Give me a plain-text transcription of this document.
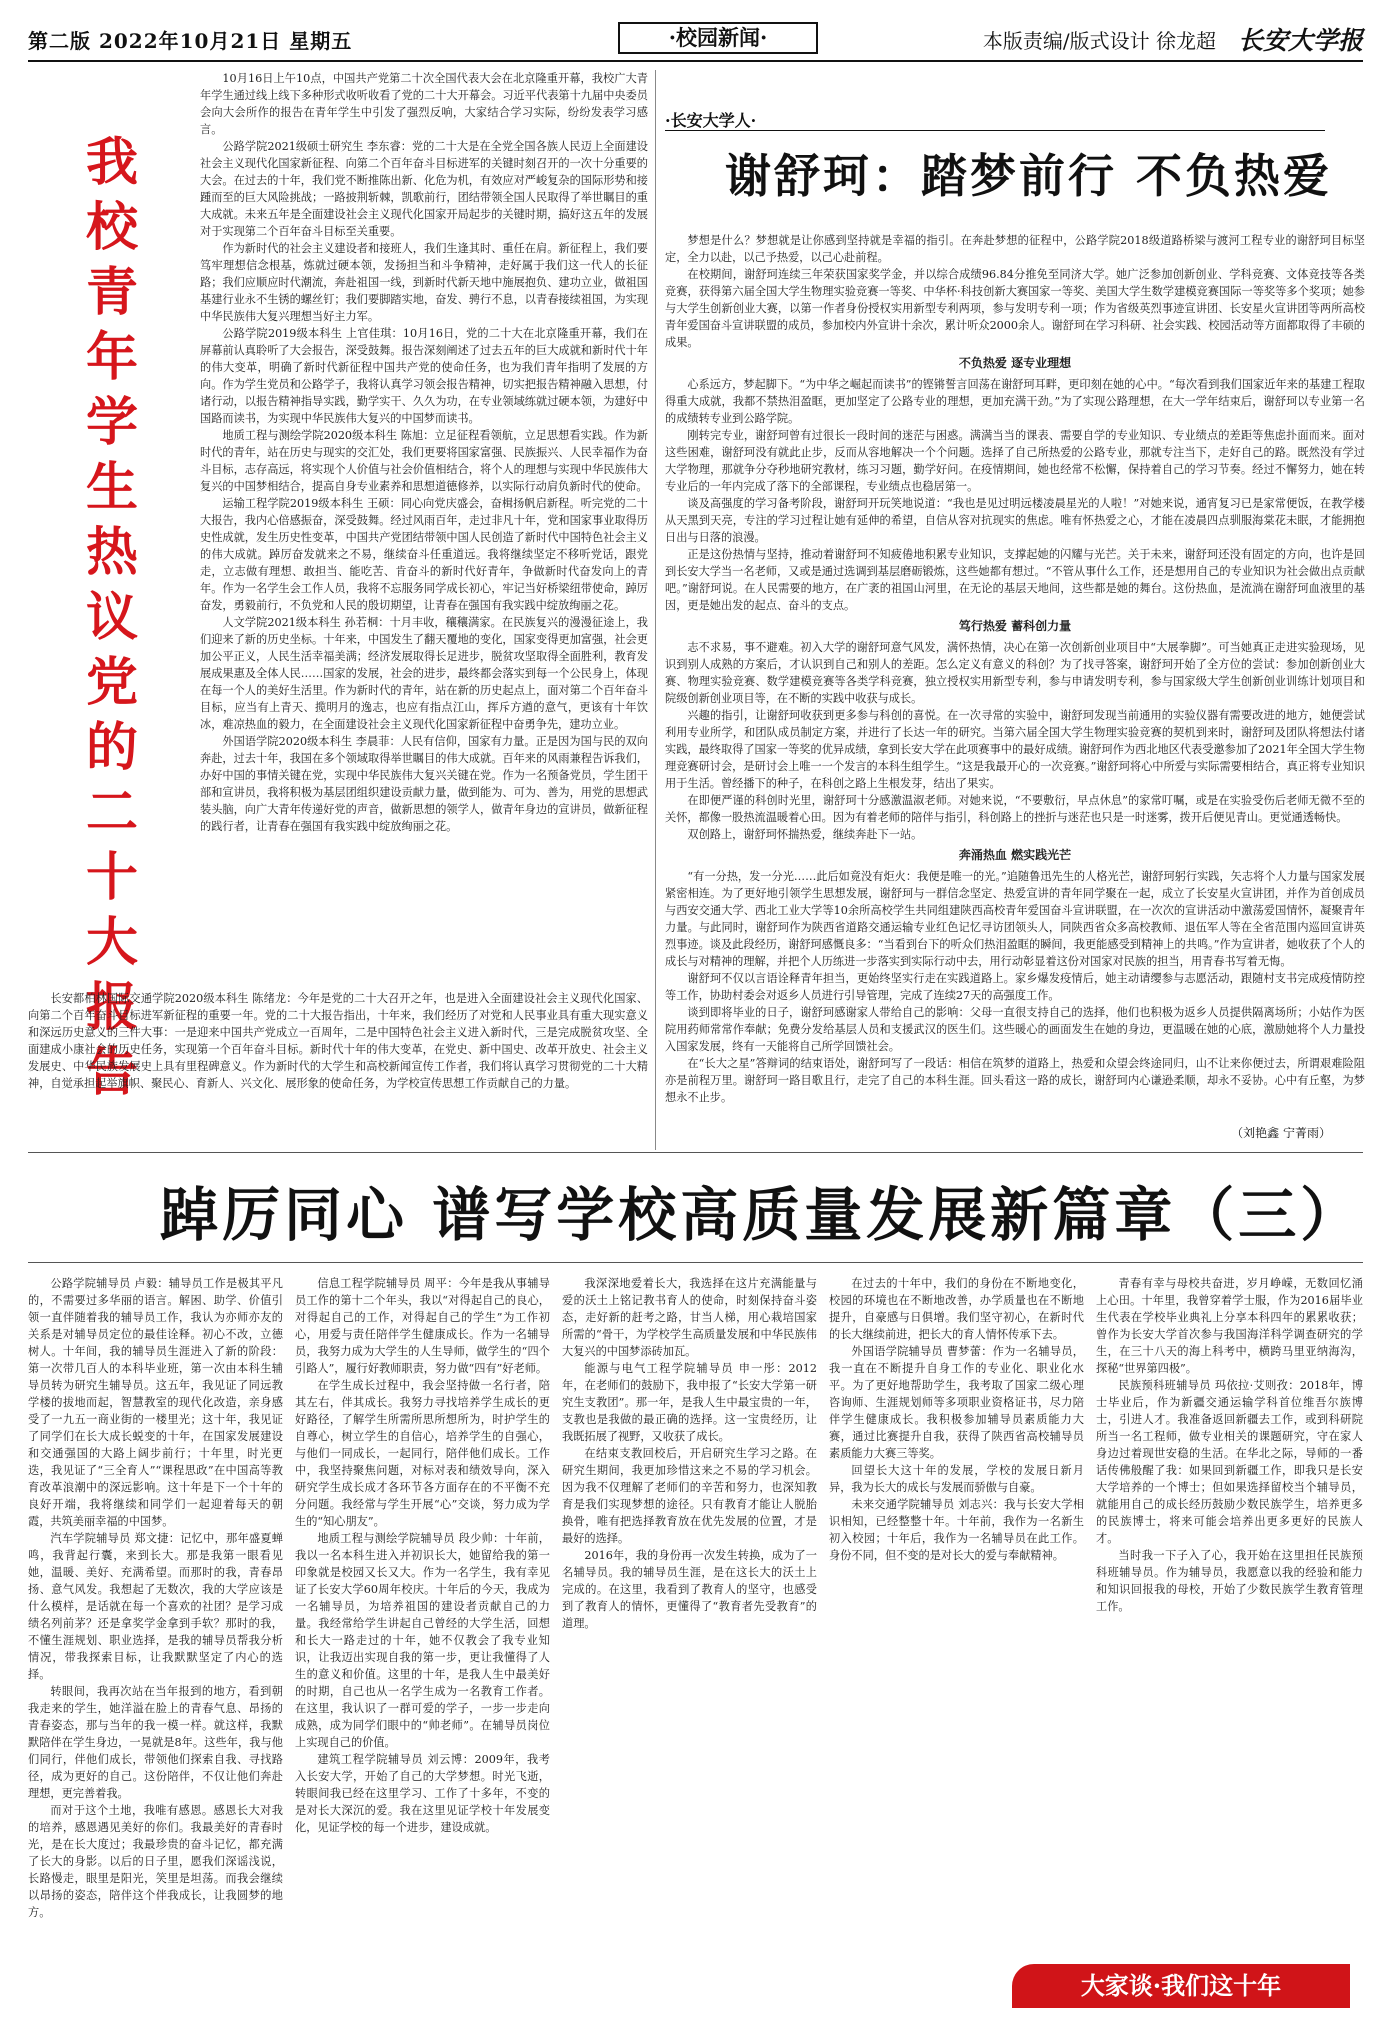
第二版 2022年10月21日 星期五	·校园新闻·	本版责编/版式设计 徐龙超 长安大学报
我
校
青
年
学
生
热
议
党
的
二
十
大
报
告

10月16日上午10点，中国共产党第二十次全国代表大会在北京隆重开幕，我校广大青年学生通过线上线下多种形式收听收看了党的二十大开幕会。习近平代表第十九届中央委员会向大会所作的报告在青年学生中引发了强烈反响，大家结合学习实际，纷纷发表学习感言。

公路学院2021级硕士研究生 李东睿：党的二十大是在全党全国各族人民迈上全面建设社会主义现代化国家新征程、向第二个百年奋斗目标进军的关键时刻召开的一次十分重要的大会。在过去的十年，我们党不断推陈出新、化危为机，有效应对严峻复杂的国际形势和接踵而至的巨大风险挑战；一路披荆斩棘，凯歌前行，团结带领全国人民取得了举世瞩目的重大成就。未来五年是全面建设社会主义现代化国家开局起步的关键时期，搞好这五年的发展对于实现第二个百年奋斗目标至关重要。

作为新时代的社会主义建设者和接班人，我们生逢其时、重任在肩。新征程上，我们要笃牢理想信念根基，炼就过硬本领，发扬担当和斗争精神，走好属于我们这一代人的长征路；我们应顺应时代潮流，奔赴祖国一线，到新时代新天地中施展抱负、建功立业，做祖国基建行业永不生锈的螺丝钉；我们要脚踏实地，奋发、骋行不息，以青春接续祖国，为实现中华民族伟大复兴理想当好主力军。

公路学院2019级本科生 上官佳琪：10月16日，党的二十大在北京隆重开幕，我们在屏幕前认真聆听了大会报告，深受鼓舞。报告深刻阐述了过去五年的巨大成就和新时代十年的伟大变革，明确了新时代新征程中国共产党的使命任务，也为我们青年指明了发展的方向。作为学生党员和公路学子，我将认真学习领会报告精神，切实把报告精神融入思想，付诸行动，以报告精神指导实践，勤学实干、久久为功，在专业领域练就过硬本领，为建好中国路而读书，为实现中华民族伟大复兴的中国梦而读书。

地质工程与测绘学院2020级本科生 陈旭：立足征程看领航，立足思想看实践。作为新时代的青年，站在历史与现实的交汇处，我们更要将国家富强、民族振兴、人民幸福作为奋斗目标，志存高远，将实现个人价值与社会价值相结合，将个人的理想与实现中华民族伟大复兴的中国梦相结合，提高自身专业素养和思想道德修养，以实际行动肩负新时代的使命。

运输工程学院2019级本科生 王硕：同心向党庆盛会，奋楫扬帆启新程。听完党的二十大报告，我内心倍感振奋，深受鼓舞。经过风雨百年，走过非凡十年，党和国家事业取得历史性成就，发生历史性变革，中国共产党团结带领中国人民创造了新时代中国特色社会主义的伟大成就。踔厉奋发就来之不易，继续奋斗任重道远。我将继续坚定不移听党话，跟党走，立志做有理想、敢担当、能吃苦、肯奋斗的新时代好青年，争做新时代奋发向上的青年。作为一名学生会工作人员，我将不忘服务同学成长初心，牢记当好桥梁纽带使命，踔厉奋发，勇毅前行，不负党和人民的殷切期望，让青春在强国有我实践中绽放绚丽之花。

人文学院2021级本科生 孙若桐：十月丰收，穰穰满家。在民族复兴的漫漫征途上，我们迎来了新的历史坐标。十年来，中国发生了翻天覆地的变化，国家变得更加富强，社会更加公平正义，人民生活幸福美满；经济发展取得长足进步，脱贫攻坚取得全面胜利，教育发展成果惠及全体人民……国家的发展，社会的进步，最终都会落实到每一个公民身上，体现在每一个人的美好生活里。作为新时代的青年，站在新的历史起点上，面对第二个百年奋斗目标，应当有上青天、揽明月的逸志，也应有指点江山，挥斥方遒的意气，更该有十年饮冰，难凉热血的毅力，在全面建设社会主义现代化国家新征程中奋勇争先，建功立业。

外国语学院2020级本科生 李晨菲：人民有信仰，国家有力量。正是因为国与民的双向奔赴，过去十年，我国在多个领域取得举世瞩目的伟大成就。百年来的风雨兼程告诉我们，办好中国的事情关键在党，实现中华民族伟大复兴关键在党。作为一名预备党员，学生团干部和宣讲员，我将积极为基层团组织建设贡献力量，做到能为、可为、善为，用党的思想武装头脑，向广大青年传递好党的声音，做新思想的领学人，做青年身边的宣讲员，做新征程的践行者，让青春在强国有我实践中绽放绚丽之花。

长安都柏林国际交通学院2020级本科生 陈绪龙：今年是党的二十大召开之年，也是进入全面建设社会主义现代化国家、向第二个百年奋斗目标进军新征程的重要一年。党的二十大报告指出，十年来，我们经历了对党和人民事业具有重大现实意义和深远历史意义的三件大事：一是迎来中国共产党成立一百周年，二是中国特色社会主义进入新时代，三是完成脱贫攻坚、全面建成小康社会的历史任务，实现第一个百年奋斗目标。新时代十年的伟大变革，在党史、新中国史、改革开放史、社会主义发展史、中华民族发展史上具有里程碑意义。作为新时代的大学生和高校新闻宣传工作者，我们将认真学习贯彻党的二十大精神，自觉承担起举旗帜、聚民心、育新人、兴文化、展形象的使命任务，为学校宣传思想工作贡献自己的力量。

·长安大学人·
谢舒珂：踏梦前行 不负热爱

梦想是什么？梦想就是让你感到坚持就是幸福的指引。在奔赴梦想的征程中，公路学院2018级道路桥梁与渡河工程专业的谢舒珂目标坚定，全力以赴，以己予热爱，以己心赴前程。

在校期间，谢舒珂连续三年荣获国家奖学金，并以综合成绩96.84分推免至同济大学。她广泛参加创新创业、学科竞赛、文体竞技等各类竞赛，获得第六届全国大学生物理实验竞赛一等奖、中华杯·科技创新大赛国家一等奖、美国大学生数学建模竞赛国际一等奖等多个奖项；她参与大学生创新创业大赛，以第一作者身份授权实用新型专利两项，参与发明专利一项；作为省级英烈事迹宣讲团、长安星火宣讲团等两所高校青年爱国奋斗宣讲联盟的成员，参加校内外宣讲十余次，累计听众2000余人。谢舒珂在学习科研、社会实践、校园活动等方面都取得了丰硕的成果。

不负热爱 逐专业理想

心系远方，梦起脚下。“为中华之崛起而读书”的铿锵誓言回荡在谢舒珂耳畔，更印刻在她的心中。“每次看到我们国家近年来的基建工程取得重大成就，我都不禁热泪盈眶，更加坚定了公路专业的理想，更加充满干劲。”为了实现公路理想，在大一学年结束后，谢舒珂以专业第一名的成绩转专业到公路学院。

刚转完专业，谢舒珂曾有过很长一段时间的迷茫与困惑。满满当当的课表、需要自学的专业知识、专业绩点的差距等焦虑扑面而来。面对这些困难，谢舒珂没有就此止步，反而从容地解决一个个问题。选择了自己所热爱的公路专业，那就专注当下，走好自己的路。既然没有学过大学物理，那就争分夺秒地研究教材，练习习题，勤学好问。在疫情期间，她也经常不松懈，保持着自己的学习节奏。经过不懈努力，她在转专业后的一年内完成了落下的全部课程，专业绩点也稳居第一。

谈及高强度的学习备考阶段，谢舒珂开玩笑地说道：“我也是见过明远楼凌晨星光的人啦！”对她来说，通宵复习已是家常便饭，在教学楼从天黑到天亮，专注的学习过程让她有延伸的希望，自信从容对抗现实的焦虑。唯有怀热爱之心，才能在凌晨四点驯服海棠花未眠，才能拥抱日出与日落的浪漫。

正是这份热情与坚持，推动着谢舒珂不知疲倦地积累专业知识，支撑起她的闪耀与光芒。关于未来，谢舒珂还没有固定的方向，也许是回到长安大学当一名老师，又或是通过选调到基层磨砺锻炼，这些她都有想过。“不管从事什么工作，还是想用自己的专业知识为社会做出点贡献吧。”谢舒珂说。在人民需要的地方，在广袤的祖国山河里，在无论的基层天地间，这些都是她的舞台。这份热血，是流淌在谢舒珂血液里的基因，更是她出发的起点、奋斗的支点。

笃行热爱 蓄科创力量

志不求易，事不避难。初入大学的谢舒珂意气风发，满怀热情，决心在第一次创新创业项目中“大展拳脚”。可当她真正走进实验现场，见识到别人成熟的方案后，才认识到自己和别人的差距。怎么定义有意义的科创？为了找寻答案，谢舒珂开始了全方位的尝试：参加创新创业大赛、物理实验竞赛、数学建模竞赛等各类学科竞赛，独立授权实用新型专利，参与申请发明专利，参与国家级大学生创新创业训练计划项目和院级创新创业项目等，在不断的实践中收获与成长。

兴趣的指引，让谢舒珂收获到更多参与科创的喜悦。在一次寻常的实验中，谢舒珂发现当前通用的实验仪器有需要改进的地方，她便尝试利用专业所学，和团队成员制定方案，并进行了长达一年的研究。当第六届全国大学生物理实验竞赛的契机到来时，谢舒珂及团队将想法付诸实践，最终取得了国家一等奖的优异成绩，拿到长安大学在此项赛事中的最好成绩。谢舒珂作为西北地区代表受邀参加了2021年全国大学生物理竞赛研讨会，是研讨会上唯一一个发言的本科生组学生。“这是我最开心的一次竞赛。”谢舒珂将心中所爱与实际需要相结合，真正将专业知识用于生活。曾经播下的种子，在科创之路上生根发芽，结出了果实。

在即便严谨的科创时光里，谢舒珂十分感激温淑老师。对她来说，“不要敷衍，早点休息”的家常叮嘱，或是在实验受伤后老师无微不至的关怀，都像一股热流温暖着心田。因为有着老师的陪伴与指引，科创路上的挫折与迷茫也只是一时迷雾，拨开后便见青山。更觉通透畅快。

双创路上，谢舒珂怀揣热爱，继续奔赴下一站。

奔涌热血 燃实践光芒

“有一分热，发一分光……此后如竟没有炬火：我便是唯一的光。”追随鲁迅先生的人格光芒，谢舒珂躬行实践，矢志将个人力量与国家发展紧密相连。为了更好地引领学生思想发展，谢舒珂与一群信念坚定、热爱宣讲的青年同学聚在一起，成立了长安星火宣讲团，并作为首创成员与西安交通大学、西北工业大学等10余所高校学生共同组建陕西高校青年爱国奋斗宣讲联盟，在一次次的宣讲活动中激荡爱国情怀，凝聚青年力量。与此同时，谢舒珂作为陕西省道路交通运输专业红色记忆寻访团领头人，同陕西省众多高校教师、退伍军人等在全省范围内巡回宣讲英烈事迹。谈及此段经历，谢舒珂感慨良多：“当看到台下的听众们热泪盈眶的瞬间，我更能感受到精神上的共鸣。”作为宣讲者，她收获了个人的成长与对精神的理解，并把个人历练进一步落实到实际行动中去，用行动彰显着这份对国家对民族的担当，用青春书写着无悔。

谢舒珂不仅以言语诠释青年担当，更始终坚实行走在实践道路上。家乡爆发疫情后，她主动请缨参与志愿活动，跟随村支书完成疫情防控等工作，协助村委会对返乡人员进行引导管理，完成了连续27天的高强度工作。

谈到即将毕业的日子，谢舒珂感谢家人带给自己的影响：父母一直很支持自己的选择，他们也积极为返乡人员提供隔离场所；小姑作为医院用药师常常作奉献；免费分发给基层人员和支援武汉的医生们。这些暖心的画面发生在她的身边，更温暖在她的心底，激励她将个人力量投入国家发展，终有一天能将自己所学回馈社会。

在“长大之星”答辩词的结束语处，谢舒珂写了一段话：相信在筑梦的道路上，热爱和众望会终途同归，山不让来你便过去，所谓艰难险阻亦是前程万里。谢舒珂一路目歌且行，走完了自己的本科生涯。回头看这一路的成长，谢舒珂内心谦逊柔顺，却永不妥协。心中有丘壑，为梦想永不止步。

（刘艳鑫 宁菁雨）
踔厉同心 谱写学校高质量发展新篇章（三）

公路学院辅导员 卢毅：辅导员工作是极其平凡的，不需要过多华丽的语言。解困、助学、价值引领一直伴随着我的辅导员工作，我认为亦师亦友的关系是对辅导员定位的最佳诠释。初心不改，立德树人。十年间，我的辅导员生涯进入了新的阶段：第一次带几百人的本科毕业班，第一次由本科生辅导员转为研究生辅导员。这五年，我见证了同远教学楼的拔地而起，智慧教室的现代化改造，亲身感受了一九五一商业街的一楼里光；这十年，我见证了同学们在长大成长蜕变的十年，在国家发展建设和交通强国的大路上阔步前行；十年里，时光更迭，我见证了“三全育人”“课程思政”在中国高等教育改革浪潮中的深远影响。这十年是下一个十年的良好开端，我将继续和同学们一起迎着每天的朝霞，共筑美丽幸福的中国梦。

汽车学院辅导员 郑文捷：记忆中，那年盛夏蝉鸣，我背起行囊，来到长大。那是我第一眼看见她，温暖、美好、充满希望。而那时的我，青春昂扬、意气风发。我想起了无数次，我的大学应该是什么模样，是话就在每一个喜欢的社团？是学习成绩名列前茅？还是拿奖学金拿到手软？那时的我，不懂生涯规划、职业选择，是我的辅导员帮我分析情况，带我探索目标，让我默默坚定了内心的选择。

转眼间，我再次站在当年报到的地方，看到朝我走来的学生，她洋溢在脸上的青春气息、昂扬的青春姿态，那与当年的我一模一样。就这样，我默默陪伴在学生身边，一晃就是8年。这些年，我与他们同行，伴他们成长，带领他们探索自我、寻找路径，成为更好的自己。这份陪伴，不仅让他们奔赴理想，更完善着我。

而对于这个土地，我唯有感恩。感恩长大对我的培养，感恩遇见美好的你们。我最美好的青春时光，是在长大度过；我最珍贵的奋斗记忆，都充满了长大的身影。以后的日子里，愿我们深谣浅说，长路慢走，眼里是阳光，笑里是坦荡。而我会继续以昂扬的姿态，陪伴这个伴我成长，让我圆梦的地方。

信息工程学院辅导员 周平：今年是我从事辅导员工作的第十二个年头，我以“对得起自己的良心，对得起自己的工作，对得起自己的学生”为工作初心，用爱与责任陪伴学生健康成长。作为一名辅导员，我努力成为大学生的人生导师，做学生的“四个引路人”，履行好教师职责，努力做“四有”好老师。

在学生成长过程中，我会坚持做一名行者，陪其左右，伴其成长。我努力寻找培养学生成长的更好路径，了解学生所需所思所想所为，时护学生的自尊心，树立学生的自信心，培养学生的自强心，与他们一同成长，一起同行，陪伴他们成长。工作中，我坚持聚焦问题，对标对表和绩效导向，深入研究学生成长成才各环节各方面存在的不平衡不充分问题。我经常与学生开展“心”交谈，努力成为学生的“知心朋友”。

地质工程与测绘学院辅导员 段少帅：十年前，我以一名本科生进入并初识长大，她留给我的第一印象就是校园又长又大。作为一名学生，我有幸见证了长安大学60周年校庆。十年后的今天，我成为一名辅导员，为培养祖国的建设者贡献自己的力量。我经常给学生讲起自己曾经的大学生活，回想和长大一路走过的十年，她不仅教会了我专业知识，让我迈出实现自我的第一步，更让我懂得了人生的意义和价值。这里的十年，是我人生中最美好的时期，自己也从一名学生成为一名教育工作者。在这里，我认识了一群可爱的学子，一步一步走向成熟，成为同学们眼中的“帅老师”。在辅导员岗位上实现自己的价值。

建筑工程学院辅导员 刘云博：2009年，我考入长安大学，开始了自己的大学梦想。时光飞逝，转眼间我已经在这里学习、工作了十多年，不变的是对长大深沉的爱。我在这里见证学校十年发展变化，见证学校的每一个进步，建设成就。

我深深地爱着长大，我选择在这片充满能量与爱的沃土上铭记教书育人的使命，时刻保持奋斗姿态，走好新的赶考之路，甘当人梯，用心栽培国家所需的“骨干，为学校学生高质量发展和中华民族伟大复兴的中国梦添砖加瓦。

能源与电气工程学院辅导员 申一彤：2012年，在老师们的鼓励下，我申报了“长安大学第一研究生支教团”。那一年，是我人生中最宝贵的一年，支教也是我做的最正确的选择。这一宝贵经历，让我既拓展了视野，又收获了成长。

在结束支教回校后，开启研究生学习之路。在研究生期间，我更加珍惜这来之不易的学习机会。因为我不仅理解了老师们的辛苦和努力，也深知教育是我们实现梦想的途径。只有教育才能让人脱胎换骨，唯有把选择教育放在优先发展的位置，才是最好的选择。

2016年，我的身份再一次发生转换，成为了一名辅导员。我的辅导员生涯，是在这长大的沃土上完成的。在这里，我看到了教育人的坚守，也感受到了教育人的情怀，更懂得了“教育者先受教育”的道理。

在过去的十年中，我们的身份在不断地变化，校园的环境也在不断地改善，办学质量也在不断地提升，自豪感与日俱增。我们坚守初心，在新时代的长大继续前进，把长大的育人情怀传承下去。

外国语学院辅导员 曹梦蕾：作为一名辅导员，我一直在不断提升自身工作的专业化、职业化水平。为了更好地帮助学生，我考取了国家二级心理咨询师、生涯规划师等多项职业资格证书，尽力陪伴学生健康成长。我积极参加辅导员素质能力大赛，通过比赛提升自我，获得了陕西省高校辅导员素质能力大赛三等奖。

回望长大这十年的发展，学校的发展日新月异，我为长大的成长与发展而骄傲与自豪。

未来交通学院辅导员 刘志兴：我与长安大学相识相知，已经整整十年。十年前，我作为一名新生初入校园；十年后，我作为一名辅导员在此工作。身份不同，但不变的是对长大的爱与奉献精神。

青春有幸与母校共奋进，岁月峥嵘，无数回忆涌上心田。十年里，我曾穿着学士服，作为2016届毕业生代表在学校毕业典礼上分享本科四年的累累收获；曾作为长安大学首次参与我国海洋科学调查研究的学生，在三十八天的海上科考中，横跨马里亚纳海沟，探秘“世界第四极”。

民族预科班辅导员 玛依拉·艾则孜：2018年，博士毕业后，作为新疆交通运输学科首位维吾尔族博士，引进人才。我准备返回新疆去工作，或到科研院所当一名工程师，做专业相关的课题研究，守在家人身边过着现世安稳的生活。在华北之际，导师的一番话传佛般醒了我：如果回到新疆工作，即我只是长安大学培养的一个博士；但如果选择留校当个辅导员，就能用自己的成长经历鼓励少数民族学生，培养更多的民族博士，将来可能会培养出更多更好的民族人才。

当时我一下子入了心，我开始在这里担任民族预科班辅导员。作为辅导员，我愿意以我的经验和能力和知识回报我的母校，开始了少数民族学生教育管理工作。

大家谈·我们这十年
